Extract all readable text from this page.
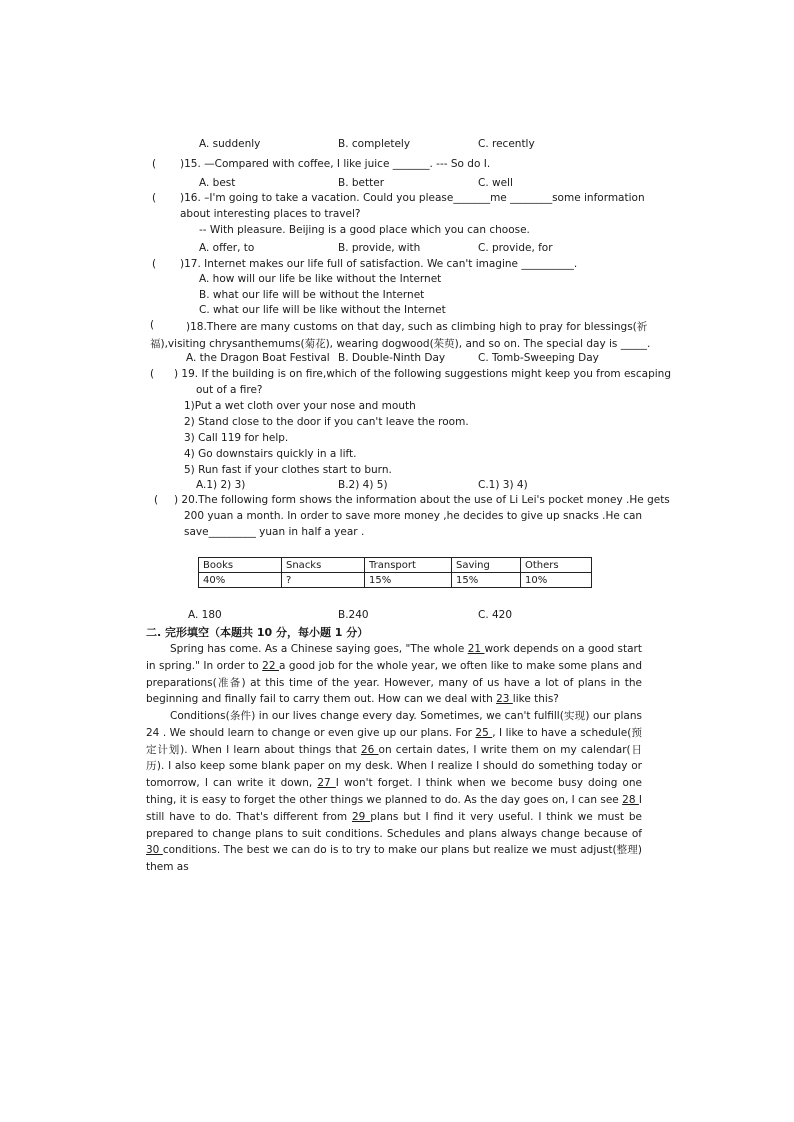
A. suddenly	B. completely	C. recently
( )15. —Compared with coffee, I like juice _______. --- So do I.
A. best	B. better	C. well
( )16. –I'm going to take a vacation. Could you please_______me ________some information
about interesting places to travel?
-- With pleasure. Beijing is a good place which you can choose.
A. offer, to	B. provide, with	C. provide, for
( )17. Internet makes our life full of satisfaction. We can't imagine __________.
A. how will our life be like without the Internet
B. what our life will be without the Internet
C. what our life will be like without the Internet
(	)18.There are many customs on that day, such as climbing high to pray for blessings(祈
福),visiting chrysanthemums(菊花), wearing dogwood(茱萸), and so on. The special day is _____.
A. the Dragon Boat Festival B. Double-Ninth Day	C. Tomb-Sweeping Day
( ) 19. If the building is on fire,which of the following suggestions might keep you from escaping
out of a fire?
1)Put a wet cloth over your nose and mouth
2) Stand close to the door if you can't leave the room.
3) Call 119 for help.
4) Go downstairs quickly in a lift.
5) Run fast if your clothes start to burn.
A.1) 2) 3)	B.2) 4) 5)	C.1) 3) 4)
( ) 20.The following form shows the information about the use of Li Lei's pocket money .He gets
200 yuan a month. In order to save more money ,he decides to give up snacks .He can
save_________ yuan in half a year .
Books	Snacks	Transport	Saving	Others
40%	?	15%	15%	10%
A. 180	B.240	C. 420
二. 完形填空（本题共 10 分，每小题 1 分）
Spring has come. As a Chinese saying goes, "The whole 21 work depends on a good start in spring." In order to 22 a good job for the whole year, we often like to make some plans and preparations(准备) at this time of the year. However, many of us have a lot of plans in the beginning and finally fail to carry them out. How can we deal with 23 like this?
Conditions(条件) in our lives change every day. Sometimes, we can't fulfill(实现) our plans 24 . We should learn to change or even give up our plans. For 25 , I like to have a schedule(预定计划). When I learn about things that 26 on certain dates, I write them on my calendar(日历). I also keep some blank paper on my desk. When I realize I should do something today or tomorrow, I can write it down, 27 I won't forget. I think when we become busy doing one thing, it is easy to forget the other things we planned to do. As the day goes on, I can see 28 I still have to do. That's different from 29 plans but I find it very useful. I think we must be prepared to change plans to suit conditions. Schedules and plans always change because of 30 conditions. The best we can do is to try to make our plans but realize we must adjust(整理) them as
